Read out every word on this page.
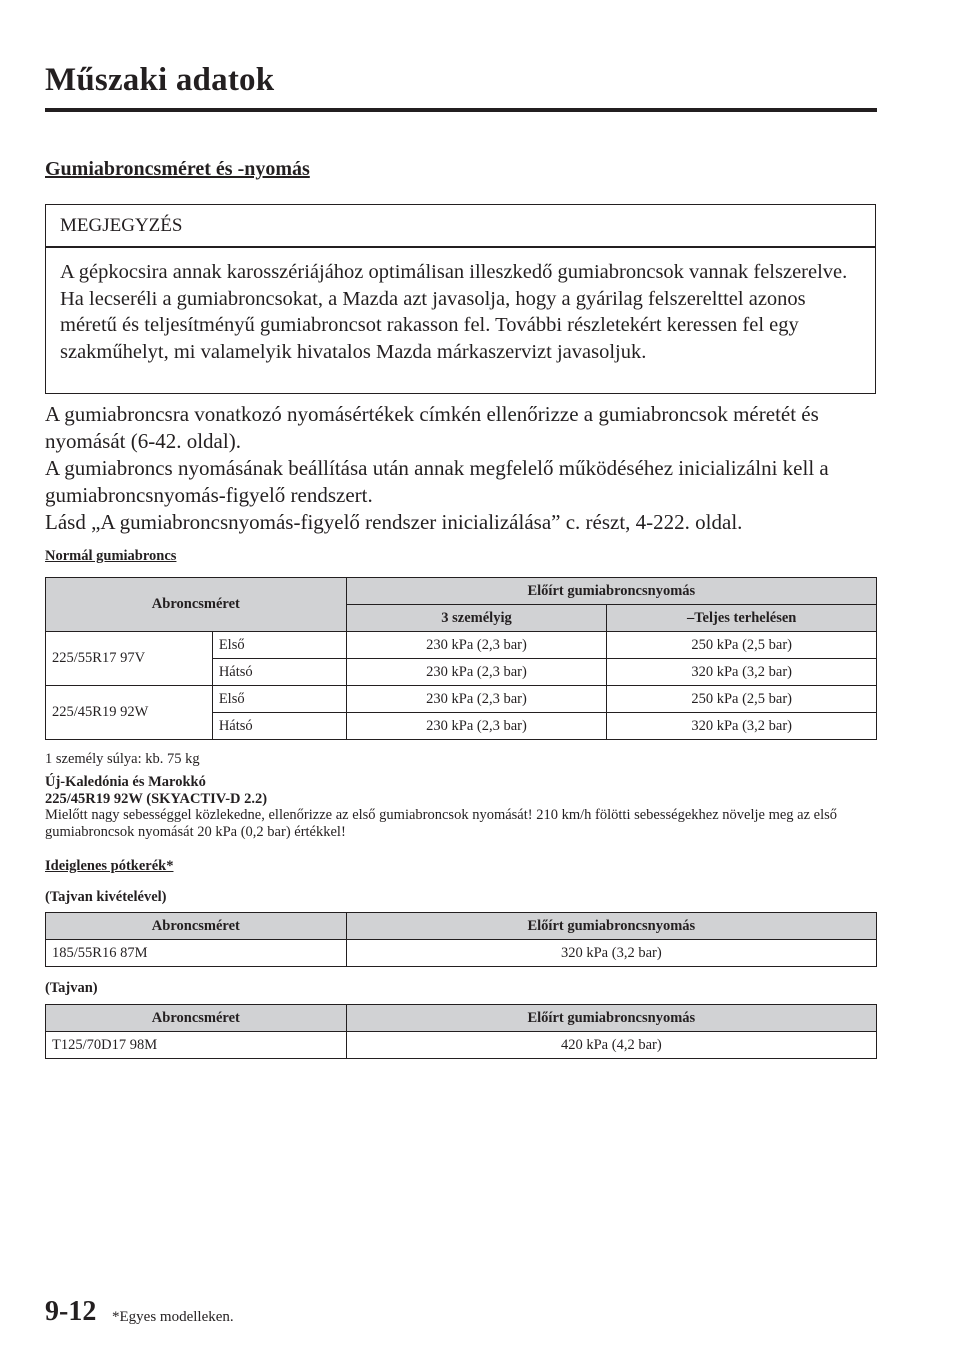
Műszaki adatok
Gumiabroncsméret és -nyomás
MEGJEGYZÉS
A gépkocsira annak karosszériájához optimálisan illeszkedő gumiabroncsok vannak felszerelve.
Ha lecseréli a gumiabroncsokat, a Mazda azt javasolja, hogy a gyárilag felszerelttel azonos méretű és teljesítményű gumiabroncsot rakasson fel. További részletekért keressen fel egy szakműhelyt, mi valamelyik hivatalos Mazda márkaszervizt javasoljuk.
A gumiabroncsra vonatkozó nyomásértékek címkén ellenőrizze a gumiabroncsok méretét és nyomását (6-42. oldal).
A gumiabroncs nyomásának beállítása után annak megfelelő működéséhez inicializálni kell a gumiabroncsnyomás-figyelő rendszert.
Lásd „A gumiabroncsnyomás-figyelő rendszer inicializálása” c. részt, 4-222. oldal.
Normál gumiabroncs
Abroncsméret		Előírt gumiabroncsnyomás	
		3 személyig	–Teljes terhelésen
225/55R17 97V	Első	230 kPa (2,3 bar)	250 kPa (2,5 bar)
	Hátsó	230 kPa (2,3 bar)	320 kPa (3,2 bar)
225/45R19 92W	Első	230 kPa (2,3 bar)	250 kPa (2,5 bar)
	Hátsó	230 kPa (2,3 bar)	320 kPa (3,2 bar)
1 személy súlya: kb. 75 kg
Új-Kaledónia és Marokkó
225/45R19 92W (SKYACTIV-D 2.2)
Mielőtt nagy sebességgel közlekedne, ellenőrizze az első gumiabroncsok nyomását! 210 km/h fölötti sebességekhez növelje meg az első gumiabroncsok nyomását 20 kPa (0,2 bar) értékkel!
Ideiglenes pótkerék*
(Tajvan kivételével)
Abroncsméret	Előírt gumiabroncsnyomás
185/55R16 87M	320 kPa (3,2 bar)
(Tajvan)
Abroncsméret	Előírt gumiabroncsnyomás
T125/70D17 98M	420 kPa (4,2 bar)
9-12 *Egyes modelleken.
